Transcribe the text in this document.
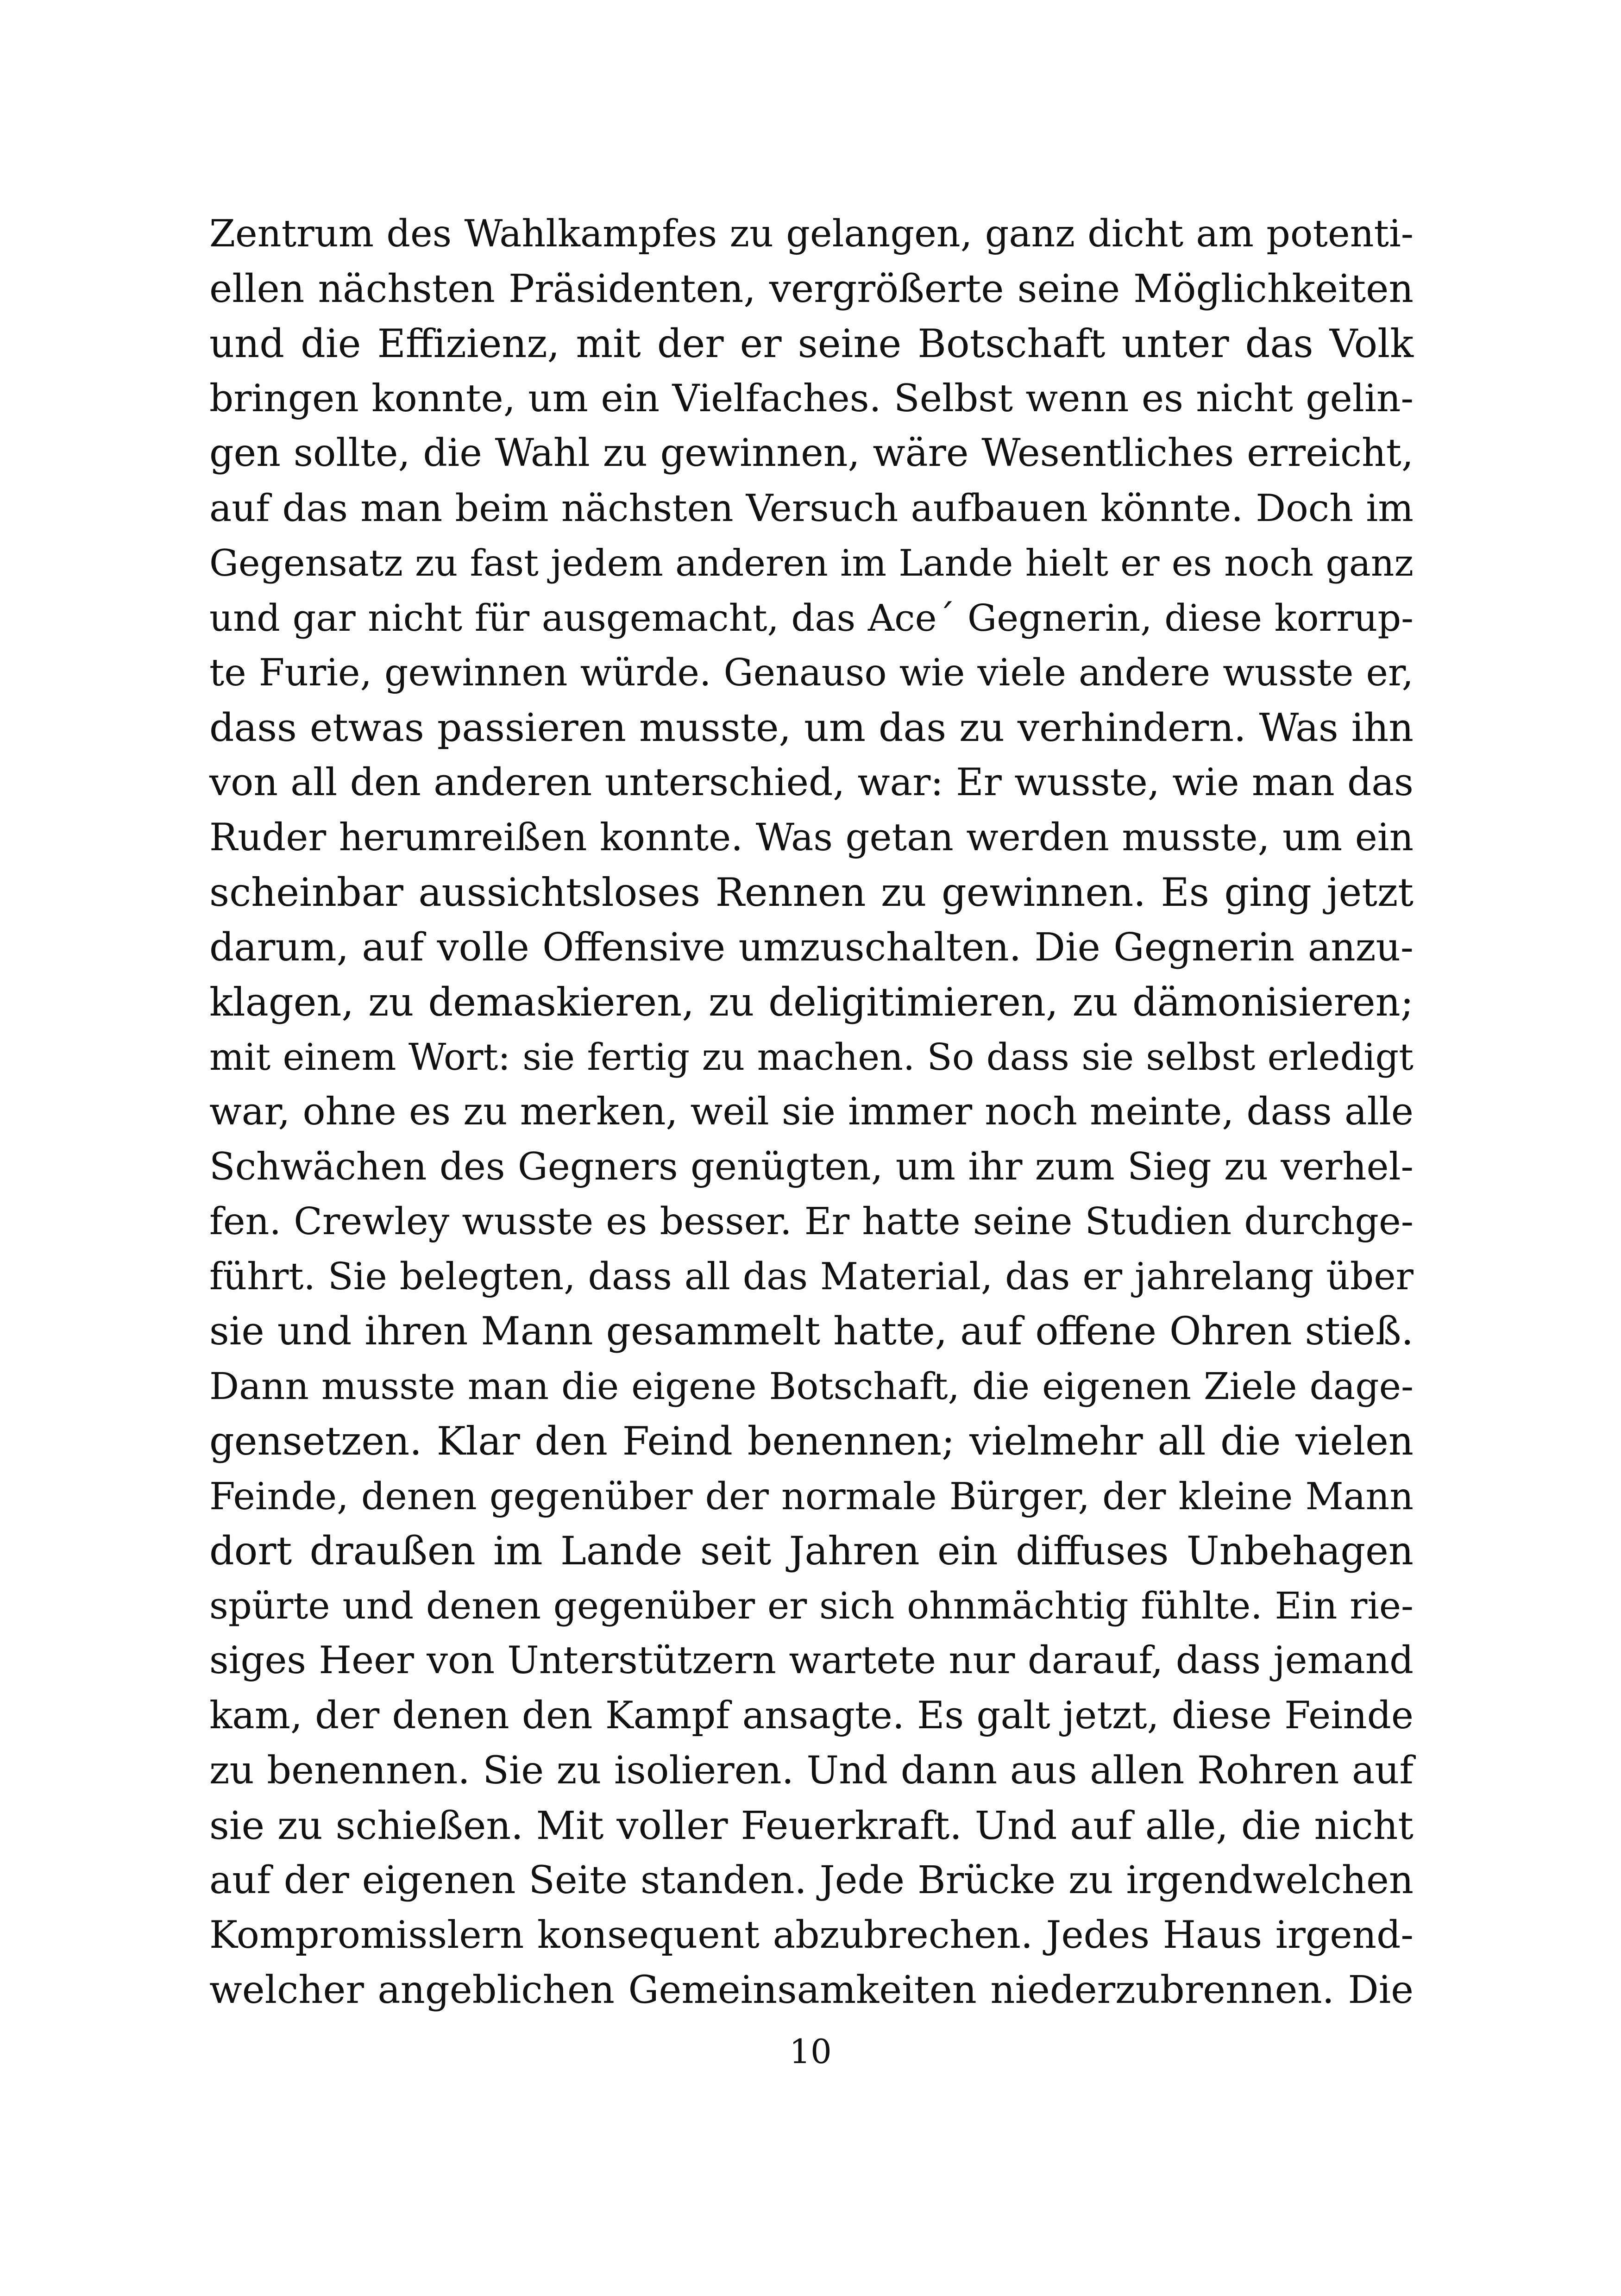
Zentrum des Wahlkampfes zu gelangen, ganz dicht am potenti-
ellen nächsten Präsidenten, vergrößerte seine Möglichkeiten
und die Effizienz, mit der er seine Botschaft unter das Volk
bringen konnte, um ein Vielfaches. Selbst wenn es nicht gelin-
gen sollte, die Wahl zu gewinnen, wäre Wesentliches erreicht,
auf das man beim nächsten Versuch aufbauen könnte. Doch im
Gegensatz zu fast jedem anderen im Lande hielt er es noch ganz
und gar nicht für ausgemacht, das Ace´ Gegnerin, diese korrup-
te Furie, gewinnen würde. Genauso wie viele andere wusste er,
dass etwas passieren musste, um das zu verhindern. Was ihn
von all den anderen unterschied, war: Er wusste, wie man das
Ruder herumreißen konnte. Was getan werden musste, um ein
scheinbar aussichtsloses Rennen zu gewinnen. Es ging jetzt
darum, auf volle Offensive umzuschalten. Die Gegnerin anzu-
klagen, zu demaskieren, zu deligitimieren, zu dämonisieren;
mit einem Wort: sie fertig zu machen. So dass sie selbst erledigt
war, ohne es zu merken, weil sie immer noch meinte, dass alle
Schwächen des Gegners genügten, um ihr zum Sieg zu verhel-
fen. Crewley wusste es besser. Er hatte seine Studien durchge-
führt. Sie belegten, dass all das Material, das er jahrelang über
sie und ihren Mann gesammelt hatte, auf offene Ohren stieß.
Dann musste man die eigene Botschaft, die eigenen Ziele dage-
gensetzen. Klar den Feind benennen; vielmehr all die vielen
Feinde, denen gegenüber der normale Bürger, der kleine Mann
dort draußen im Lande seit Jahren ein diffuses Unbehagen
spürte und denen gegenüber er sich ohnmächtig fühlte. Ein rie-
siges Heer von Unterstützern wartete nur darauf, dass jemand
kam, der denen den Kampf ansagte. Es galt jetzt, diese Feinde
zu benennen. Sie zu isolieren. Und dann aus allen Rohren auf
sie zu schießen. Mit voller Feuerkraft. Und auf alle, die nicht
auf der eigenen Seite standen. Jede Brücke zu irgendwelchen
Kompromisslern konsequent abzubrechen. Jedes Haus irgend-
welcher angeblichen Gemeinsamkeiten niederzubrennen. Die
10
